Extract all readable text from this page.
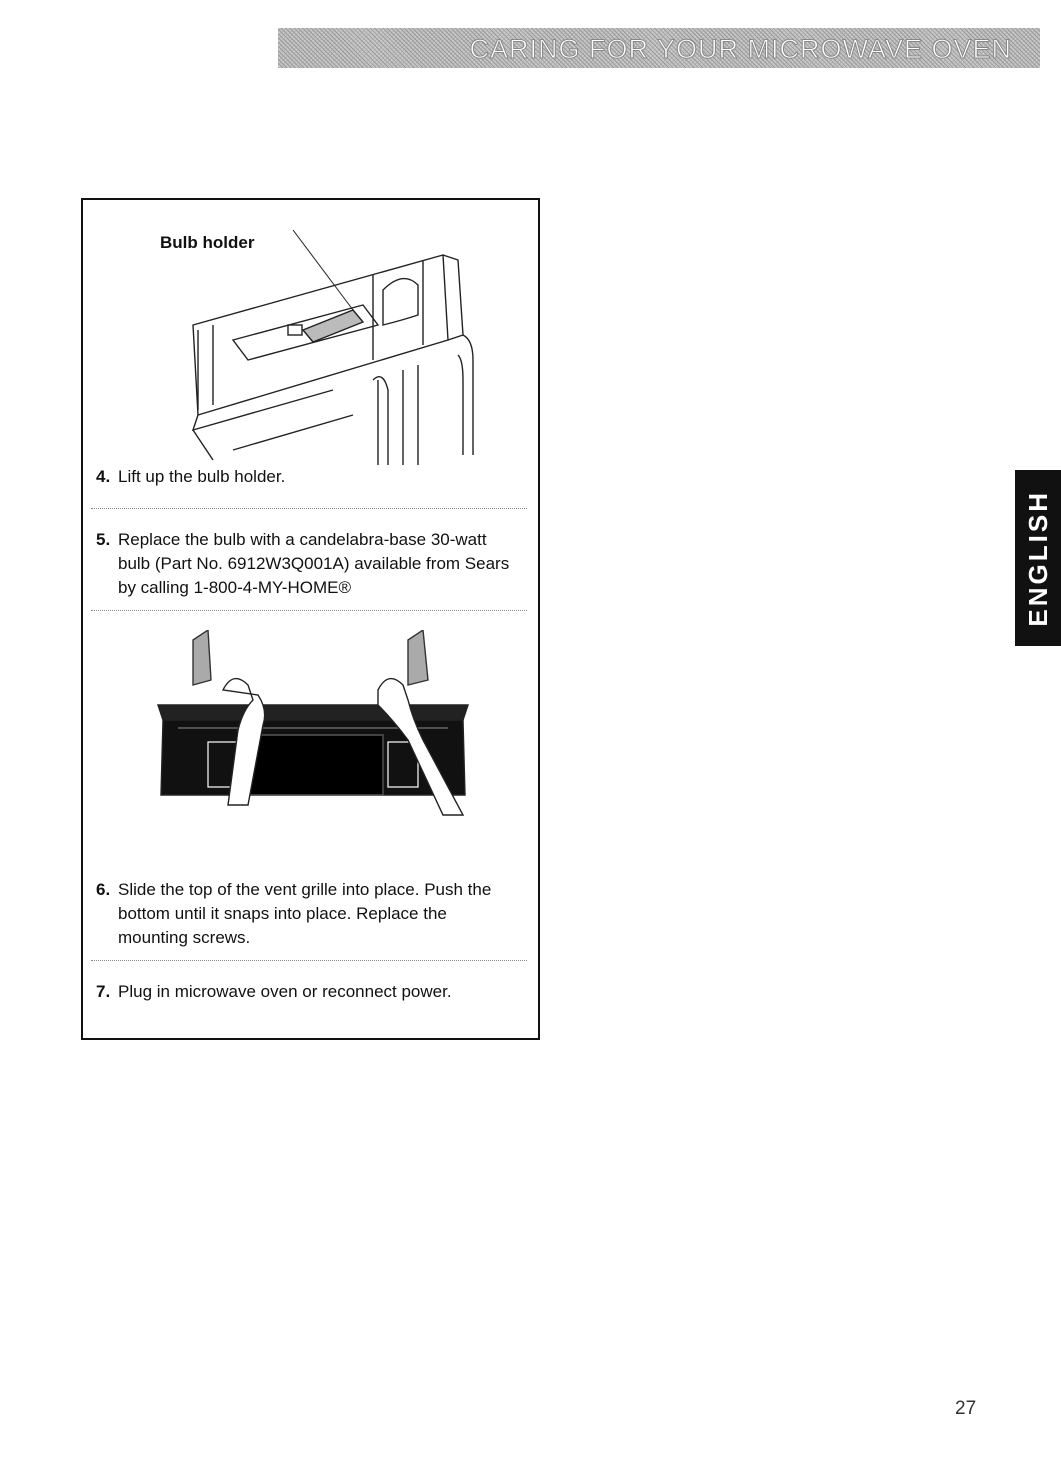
CARING FOR YOUR MICROWAVE OVEN
ENGLISH
Bulb holder
4. Lift up the bulb holder.
5. Replace the bulb with a candelabra-base 30-watt bulb (Part No. 6912W3Q001A) available from Sears by calling 1-800-4-MY-HOME®
6. Slide the top of the vent grille into place. Push the bottom until it snaps into place. Replace the mounting screws.
7. Plug in microwave oven or reconnect power.
27
